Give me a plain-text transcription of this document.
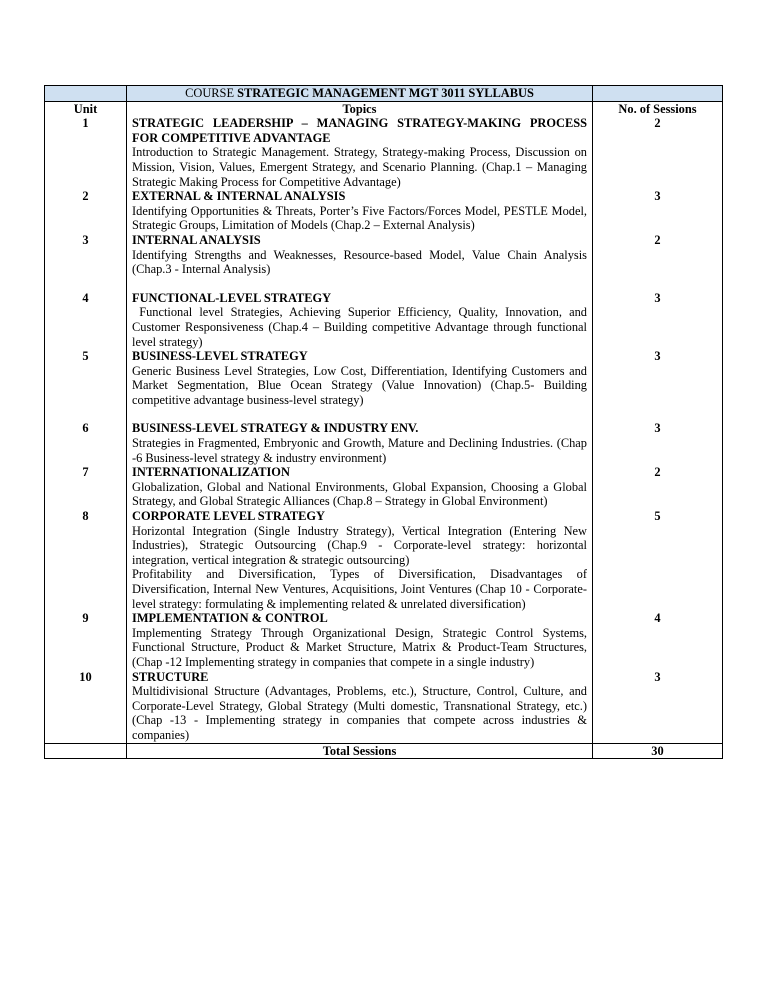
	COURSE STRATEGIC MANAGEMENT MGT 3011 SYLLABUS	
Unit	Topics	No. of Sessions
1	STRATEGIC LEADERSHIP – MANAGING STRATEGY-MAKING PROCESS FOR COMPETITIVE ADVANTAGE
Introduction to Strategic Management. Strategy, Strategy-making Process, Discussion on Mission, Vision, Values, Emergent Strategy, and Scenario Planning. (Chap.1 – Managing Strategic Making Process for Competitive Advantage)	2
2	EXTERNAL & INTERNAL ANALYSIS
Identifying Opportunities & Threats, Porter’s Five Factors/Forces Model, PESTLE Model, Strategic Groups, Limitation of Models (Chap.2 – External Analysis)	3
3	INTERNAL ANALYSIS
Identifying Strengths and Weaknesses, Resource-based Model, Value Chain Analysis (Chap.3 - Internal Analysis)	2
4	FUNCTIONAL-LEVEL STRATEGY
Functional level Strategies, Achieving Superior Efficiency, Quality, Innovation, and Customer Responsiveness (Chap.4 – Building competitive Advantage through functional level strategy)	3
5	BUSINESS-LEVEL STRATEGY
Generic Business Level Strategies, Low Cost, Differentiation, Identifying Customers and Market Segmentation, Blue Ocean Strategy (Value Innovation) (Chap.5- Building competitive advantage business-level strategy)	3
6	BUSINESS-LEVEL STRATEGY & INDUSTRY ENV.
Strategies in Fragmented, Embryonic and Growth, Mature and Declining Industries. (Chap -6 Business-level strategy & industry environment)	3
7	INTERNATIONALIZATION
Globalization, Global and National Environments, Global Expansion, Choosing a Global Strategy, and Global Strategic Alliances (Chap.8 – Strategy in Global Environment)	2
8	CORPORATE LEVEL STRATEGY
Horizontal Integration (Single Industry Strategy), Vertical Integration (Entering New Industries), Strategic Outsourcing (Chap.9 - Corporate-level strategy: horizontal integration, vertical integration & strategic outsourcing)
Profitability and Diversification, Types of Diversification, Disadvantages of Diversification, Internal New Ventures, Acquisitions, Joint Ventures (Chap 10 - Corporate-level strategy: formulating & implementing related & unrelated diversification)	5
9	IMPLEMENTATION & CONTROL
Implementing Strategy Through Organizational Design, Strategic Control Systems, Functional Structure, Product & Market Structure, Matrix & Product-Team Structures, (Chap -12 Implementing strategy in companies that compete in a single industry)	4
10	STRUCTURE
Multidivisional Structure (Advantages, Problems, etc.), Structure, Control, Culture, and Corporate-Level Strategy, Global Strategy (Multi domestic, Transnational Strategy, etc.) (Chap -13 - Implementing strategy in companies that compete across industries & companies)	3
	Total Sessions	30
